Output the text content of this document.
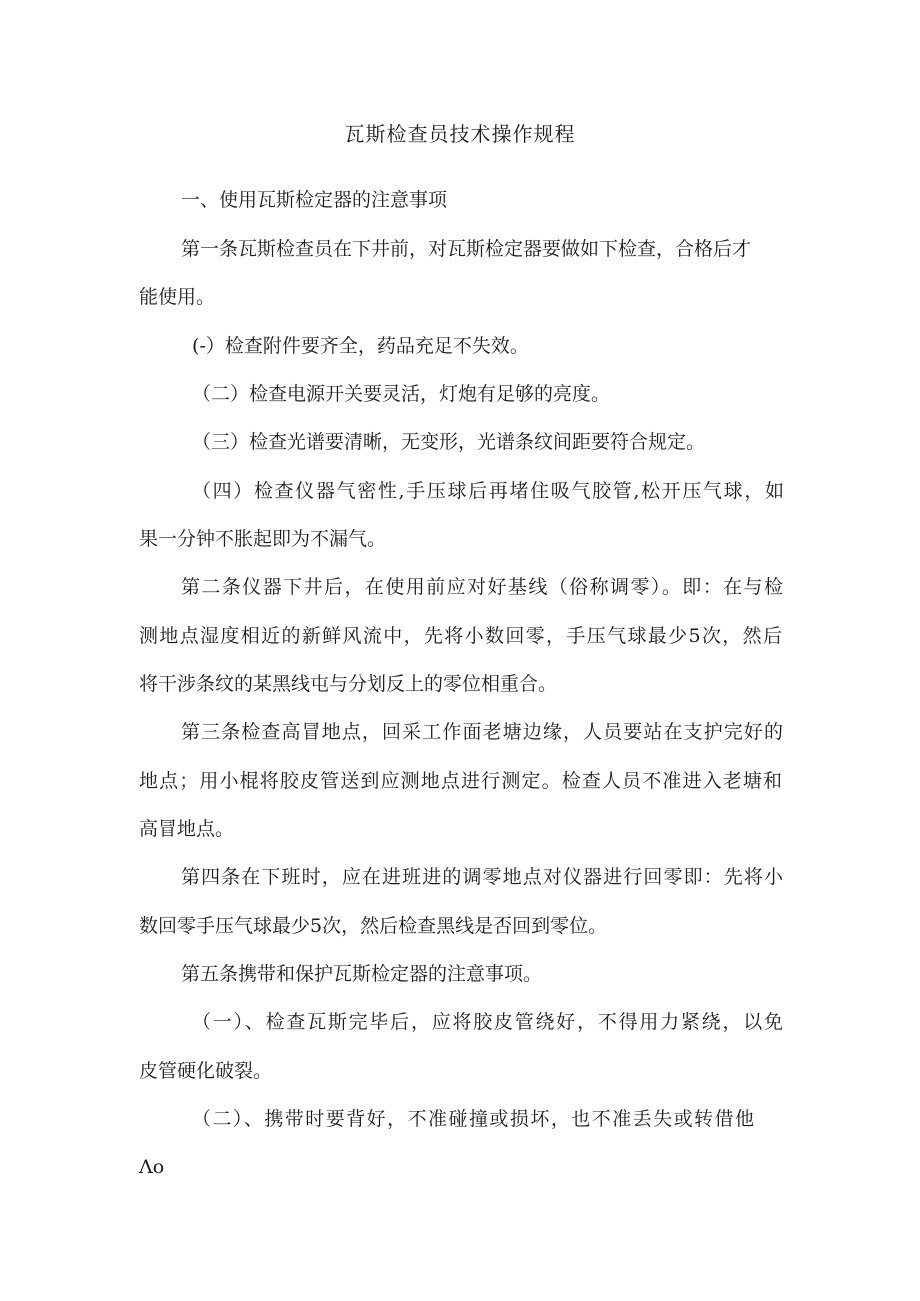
瓦斯检查员技术操作规程

一、使用瓦斯检定器的注意事项

第一条瓦斯检查员在下井前，对瓦斯检定器要做如下检查，合格后才

能使用。

(-）检查附件要齐全，药品充足不失效。

（二）检查电源开关要灵活，灯炮有足够的亮度。

（三）检查光谱要清晰，无变形，光谱条纹间距要符合规定。

（四）检查仪器气密性,手压球后再堵住吸气胶管,松开压气球，如

果一分钟不胀起即为不漏气。

第二条仪器下井后，在使用前应对好基线（俗称调零）。即：在与检

测地点湿度相近的新鲜风流中，先将小数回零，手压气球最少5次，然后

将干涉条纹的某黑线屯与分划反上的零位相重合。

第三条检查高冒地点，回采工作面老塘边缘，人员要站在支护完好的

地点；用小棍将胶皮管送到应测地点进行测定。检查人员不准进入老塘和

高冒地点。

第四条在下班时，应在进班进的调零地点对仪器进行回零即：先将小

数回零手压气球最少5次，然后检查黑线是否回到零位。

第五条携带和保护瓦斯检定器的注意事项。

（一）、检查瓦斯完毕后，应将胶皮管绕好，不得用力紧绕，以免

皮管硬化破裂。

（二）、携带时要背好，不准碰撞或损坏，也不准丢失或转借他

Λo
